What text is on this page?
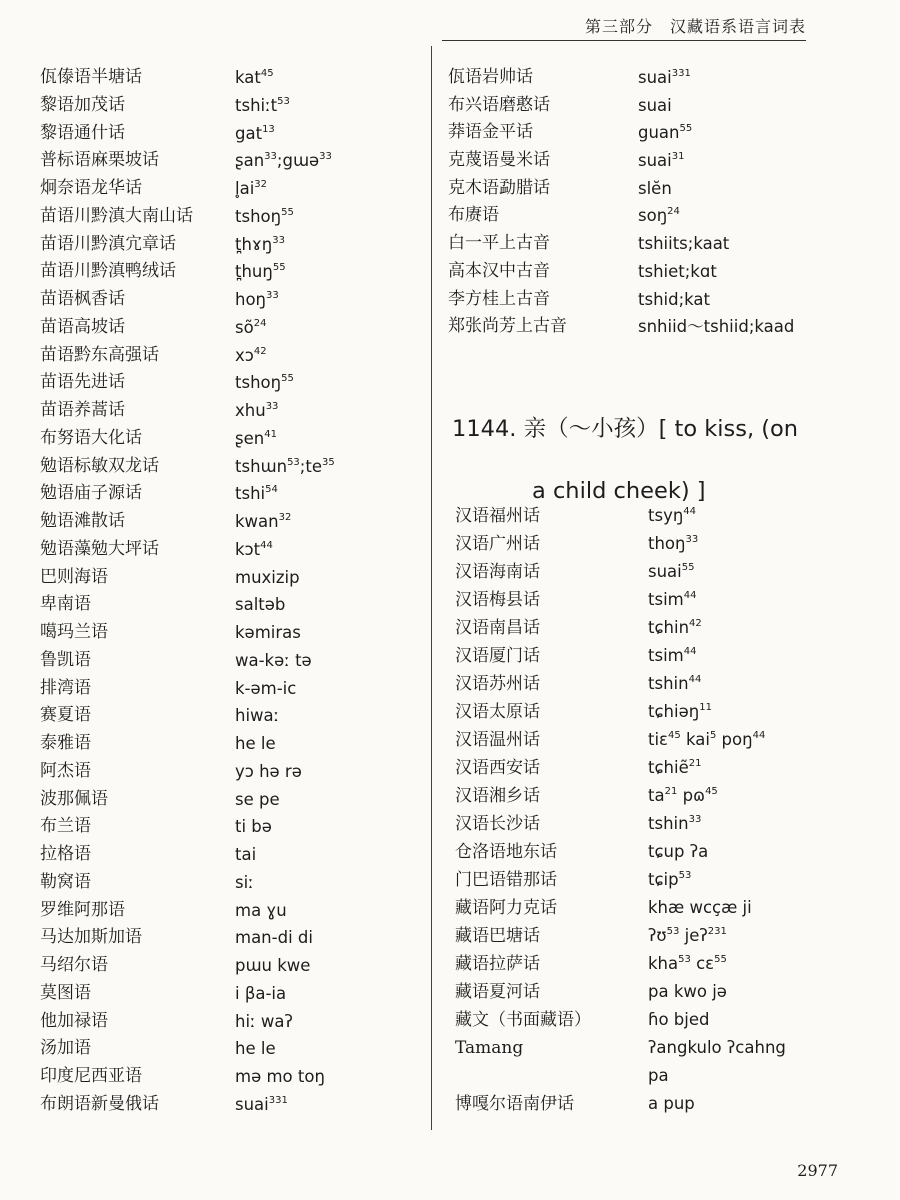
第三部分　汉藏语系语言词表
佤傣语半塘话	kat$^{45}$
黎语加茂话	tshiːt$^{53}$
黎语通什话	gat$^{13}$
普标语麻栗坡话	ʂan$^{33}$;gɯə$^{33}$
炯奈语龙华话	$l̥ai^{32}$
苗语川黔滇大南山话	tshoŋ$^{55}$
苗语川黔滇宂章话	t̪hɤŋ$^{33}$
苗语川黔滇鸭绒话	t̪huŋ$^{55}$
苗语枫香话	hoŋ$^{33}$
苗语高坡话	$sõ^{24}$
苗语黔东高强话	xɔ$^{42}$
苗语先进话	tshoŋ$^{55}$
苗语养蒿话	xhu$^{33}$
布努语大化话	ʂen$^{41}$
勉语标敏双龙话	$tshɯn^{53};te^{35}$
勉语庙子源话	tshi$^{54}$
勉语滩散话	kwan$^{32}$
勉语藻勉大坪话	kɔt$^{44}$
巴则海语	muxizip
卑南语	saltəb
噶玛兰语	kəmiras
鲁凯语	wa-kəː tə
排湾语	k-əm-ic
赛夏语	hiwaː
泰雅语	he le
阿杰语	yɔ hə rə
波那佩语	se pe
布兰语	ti bə
拉格语	tai
勒窝语	siː
罗维阿那语	ma ɣu
马达加斯加语	man-di di
马绍尔语	pɯu kwe
莫图语	i βa-ia
他加禄语	hiː waʔ
汤加语	he le
印度尼西亚语	mə mo toŋ
布朗语新曼俄话	suai$^{331}$
佤语岩帅话	suai$^{331}$
布兴语磨憨话	suai
莽语金平话	guan$^{55}$
克蔑语曼米话	suai$^{31}$
克木语勐腊话	slĕn
布赓语	soŋ$^{24}$
白一平上古音	tshiits;kaat
高本汉中古音	tshiet;kɑt
李方桂上古音	tshid;kat
郑张尚芳上古音	snhiid～tshiid;kaad
1144. 亲（～小孩）[ to kiss, (on
a child cheek) ]
汉语福州话	tsyŋ$^{44}$
汉语广州话	thoŋ$^{33}$
汉语海南话	suai$^{55}$
汉语梅县话	tsim$^{44}$
汉语南昌话	tɕhin$^{42}$
汉语厦门话	tsim$^{44}$
汉语苏州话	tshin$^{44}$
汉语太原话	tɕhiəŋ$^{11}$
汉语温州话	tiɛ$^{45}$ kai$^5$ poŋ$^{44}$
汉语西安话	tɕhiẽ$^{21}$
汉语湘乡话	$ta^{21}$ pɷ$^{45}$
汉语长沙话	tshin$^{33}$
仓洛语地东话	tɕup ʔa
门巴语错那话	tɕip$^{53}$
藏语阿力克话	khæ wcçæ ji
藏语巴塘话	ʔʊ$^{53}$ jeʔ$^{231}$
藏语拉萨话	kha$^{53}$ cɛ$^{55}$
藏语夏河话	pa kwo jə
藏文（书面藏语）	ɦo bjed
Tamang	ʔangkulo ʔcahng
pa
博嘎尔语南伊话	a pup
2977
